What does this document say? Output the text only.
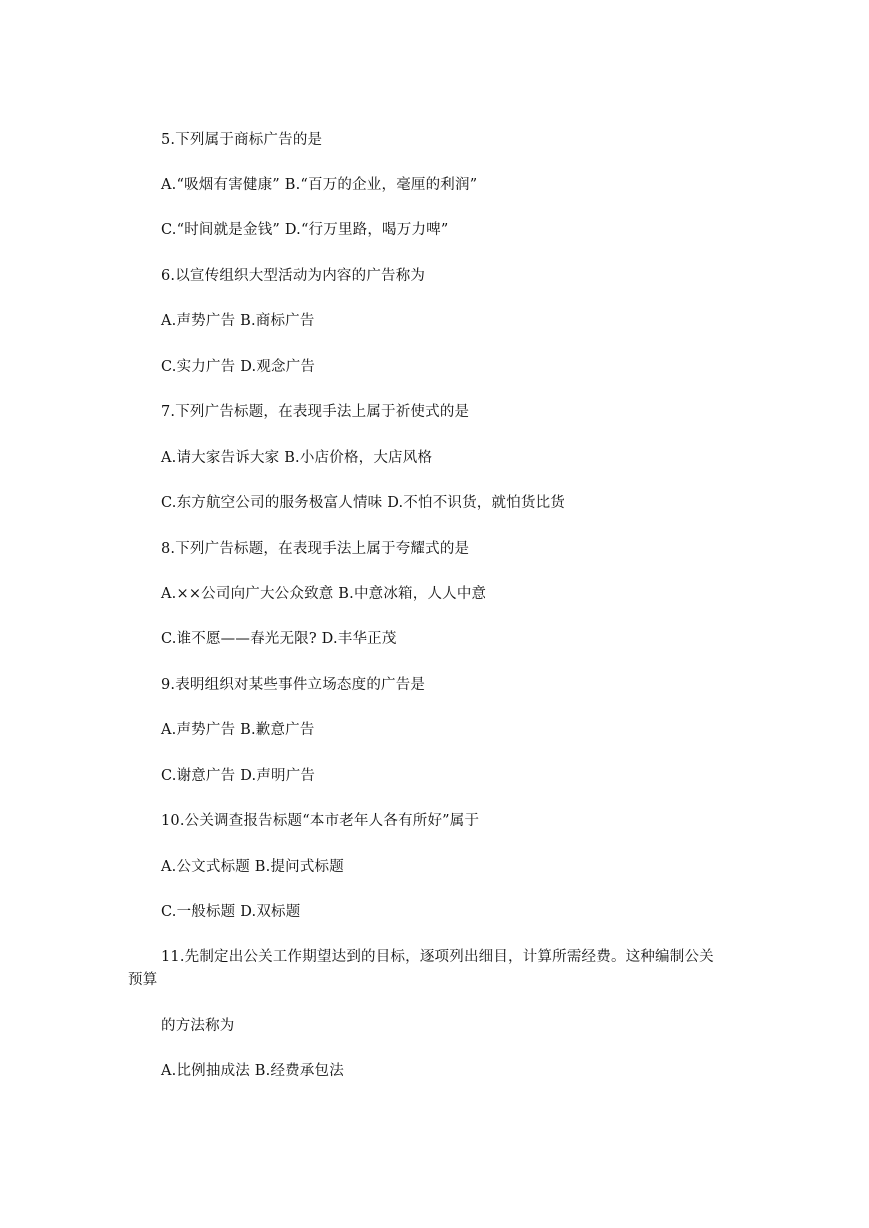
5.下列属于商标广告的是
A.“吸烟有害健康” B.“百万的企业，毫厘的利润”
C.“时间就是金钱” D.“行万里路，喝万力啤”
6.以宣传组织大型活动为内容的广告称为
A.声势广告 B.商标广告
C.实力广告 D.观念广告
7.下列广告标题，在表现手法上属于祈使式的是
A.请大家告诉大家 B.小店价格，大店风格
C.东方航空公司的服务极富人情味 D.不怕不识货，就怕货比货
8.下列广告标题，在表现手法上属于夸耀式的是
A.××公司向广大公众致意 B.中意冰箱，人人中意
C.谁不愿——春光无限? D.丰华正茂
9.表明组织对某些事件立场态度的广告是
A.声势广告 B.歉意广告
C.谢意广告 D.声明广告
10.公关调查报告标题“本市老年人各有所好”属于
A.公文式标题 B.提问式标题
C.一般标题 D.双标题
11.先制定出公关工作期望达到的目标，逐项列出细目，计算所需经费。这种编制公关
预算
的方法称为
A.比例抽成法 B.经费承包法
